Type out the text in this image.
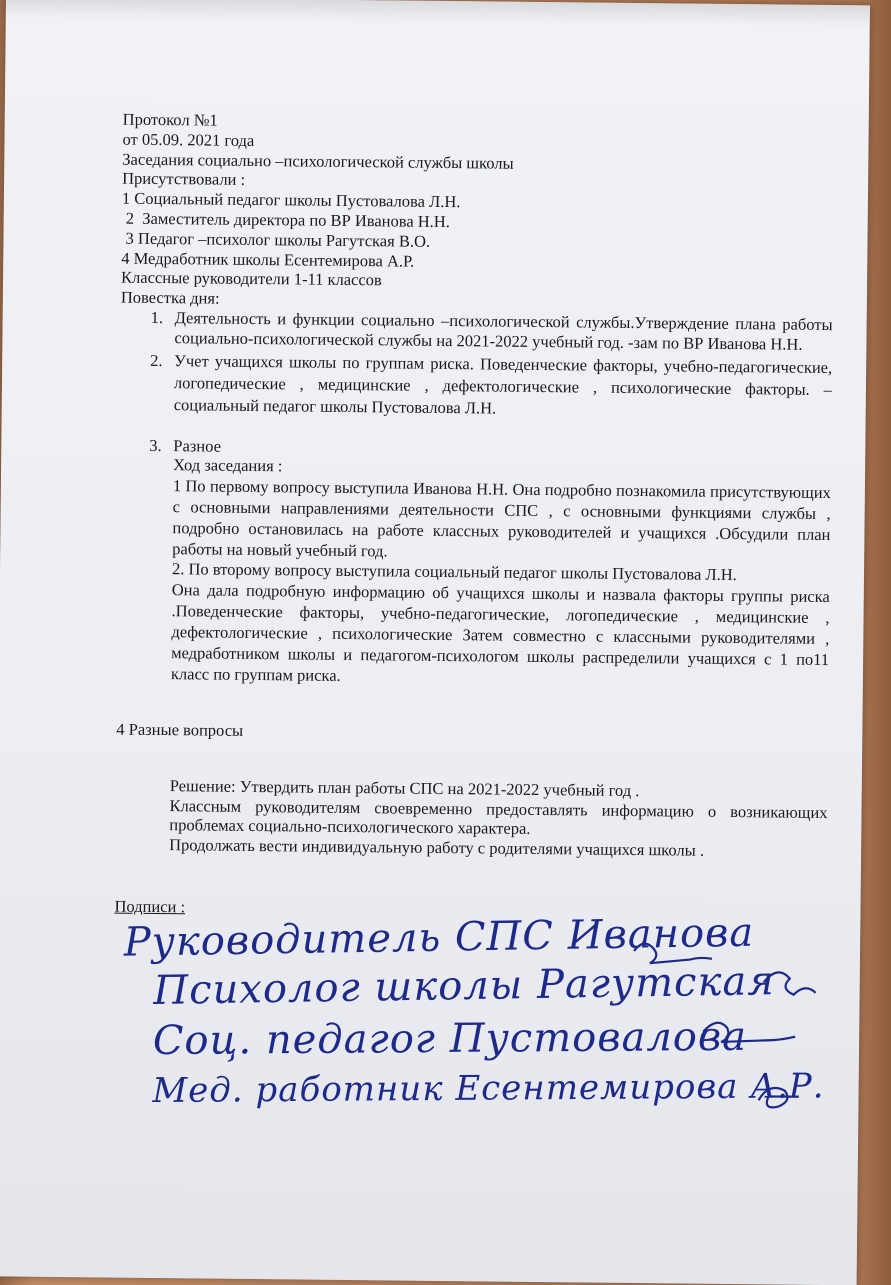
Протокол №1
от 05.09. 2021 года
Заседания социально –психологической службы школы
Присутствовали :
1 Социальный педагог школы Пустовалова Л.Н.
2  Заместитель директора по ВР Иванова Н.Н.
3 Педагог –психолог школы Рагутская В.О.
4 Медработник школы Есентемирова А.Р.
Классные руководители 1-11 классов
Повестка дня:
1. Деятельность и функции социально –психологической службы.Утверждение плана работы социально-психологической службы на 2021-2022 учебный год. -зам по ВР Иванова Н.Н.
2. Учет учащихся школы по группам риска. Поведенческие факторы, учебно-педагогические, логопедические , медицинские , дефектологические , психологические факторы. –социальный педагог школы Пустовалова Л.Н.
3. Разное
Ход заседания :
1 По первому вопросу выступила Иванова Н.Н. Она подробно познакомила присутствующих с основными направлениями деятельности СПС , с основными функциями службы , подробно остановилась на работе классных руководителей и учащихся .Обсудили план работы на новый учебный год.
2. По второму вопросу выступила социальный педагог школы Пустовалова Л.Н.
Она дала подробную информацию об учащихся школы и назвала факторы группы риска .Поведенческие факторы, учебно-педагогические, логопедические , медицинские , дефектологические , психологические Затем совместно с классными руководителями , медработником школы и педагогом-психологом школы распределили учащихся с 1 по11 класс по группам риска.
4 Разные вопросы
Решение: Утвердить план работы СПС на 2021-2022 учебный год .
Классным руководителям своевременно предоставлять информацию о возникающих проблемах социально-психологического характера.
Продолжать вести индивидуальную работу с родителями учащихся школы .
Подписи :
Руководитель СПС Иванова
Психолог школы Рагутская
Соц. педагог Пустовалова
Мед. работник Есентемирова А.Р.
